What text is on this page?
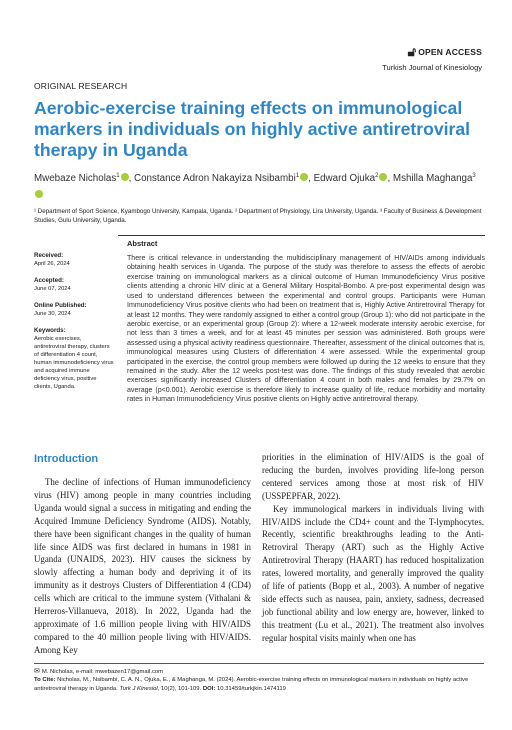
🔓︎ OPEN ACCESS
Turkish Journal of Kinesiology
ORIGINAL RESEARCH
Aerobic-exercise training effects on immunological markers in individuals on highly active antiretroviral therapy in Uganda
Mwebaze Nicholas$^1$ , Constance Adron Nakayiza Nsibambi$^1$ , Edward Ojuka$^2$ , Mshilla Maghanga$^3$
¹ Department of Sport Science, Kyambogo University, Kampala, Uganda. ² Department of Physiology, Lira University, Uganda. ³ Faculty of Business & Development Studies, Gulu University, Uganda.
Received:
April 26, 2024
Accepted:
June 07, 2024
Online Published:
June 30, 2024
Keywords:
Aerobic exercises, antiretroviral therapy, clusters of differentiation 4 count, human immunodeficiency virus and acquired immune deficiency virus, positive clients, Uganda.
Abstract
There is critical relevance in understanding the multidisciplinary management of HIV/AIDs among individuals obtaining health services in Uganda. The purpose of the study was therefore to assess the effects of aerobic exercise training on immunological markers as a clinical outcome of Human Immunodeficiency Virus positive clients attending a chronic HIV clinic at a General Military Hospital-Bombo. A pre-post experimental design was used to understand differences between the experimental and control groups. Participants were Human Immunodeficiency Virus positive clients who had been on treatment that is, Highly Active Antiretroviral Therapy for at least 12 months. They were randomly assigned to either a control group (Group 1): who did not participate in the aerobic exercise, or an experimental group (Group 2): where a 12-week moderate intensity aerobic exercise, for not less than 3 times a week, and for at least 45 minutes per session was administered. Both groups were assessed using a physical activity readiness questionnaire. Thereafter, assessment of the clinical outcomes that is, immunological measures using Clusters of differentiation 4 were assessed. While the experimental group participated in the exercise, the control group members were followed up during the 12 weeks to ensure that they remained in the study. After the 12 weeks post-test was done. The findings of this study revealed that aerobic exercises significantly increased Clusters of differentiation 4 count in both males and females by 29.7% on average (p<0.001). Aerobic exercise is therefore likely to increase quality of life, reduce morbidity and mortality rates in Human Immunodeficiency Virus positive clients on Highly active antiretroviral therapy.
Introduction

The decline of infections of Human immunodeficiency virus (HIV) among people in many countries including Uganda would signal a success in mitigating and ending the Acquired Immune Deficiency Syndrome (AIDS). Notably, there have been significant changes in the quality of human life since AIDS was first declared in humans in 1981 in Uganda (UNAIDS, 2023). HIV causes the sickness by slowly affecting a human body and depriving it of its immunity as it destroys Clusters of Differentiation 4 (CD4) cells which are critical to the immune system (Vithalani & Herreros-Villanueva, 2018). In 2022, Uganda had the approximate of 1.6 million people living with HIV/AIDS compared to the 40 million people living with HIV/AIDS. Among Key

priorities in the elimination of HIV/AIDS is the goal of reducing the burden, involves providing life-long person centered services among those at most risk of HIV (USSPEPFAR, 2022).

Key immunological markers in individuals living with HIV/AIDS include the CD4+ count and the T-lymphocytes. Recently, scientific breakthroughs leading to the Anti-Retroviral Therapy (ART) such as the Highly Active Antiretroviral Therapy (HAART) has reduced hospitalization rates, lowered mortality, and generally improved the quality of life of patients (Bopp et al., 2003). A number of negative side effects such as nausea, pain, anxiety, sadness, decreased job functional ability and low energy are, however, linked to this treatment (Lu et al., 2021). The treatment also involves regular hospital visits mainly when one has

✉︎ M. Nicholas, e-mail: mwebazen17@gmail.com
To Cite: Nicholas, M., Nsibambi, C. A. N., Ojuka, E., & Maghanga, M. (2024). Aerobic-exercise training effects on immunological markers in individuals on highly active antiretroviral therapy in Uganda. Turk J Kinesiol, 10(2), 101-109. DOI: 10.31459/turkjkin.1474119
